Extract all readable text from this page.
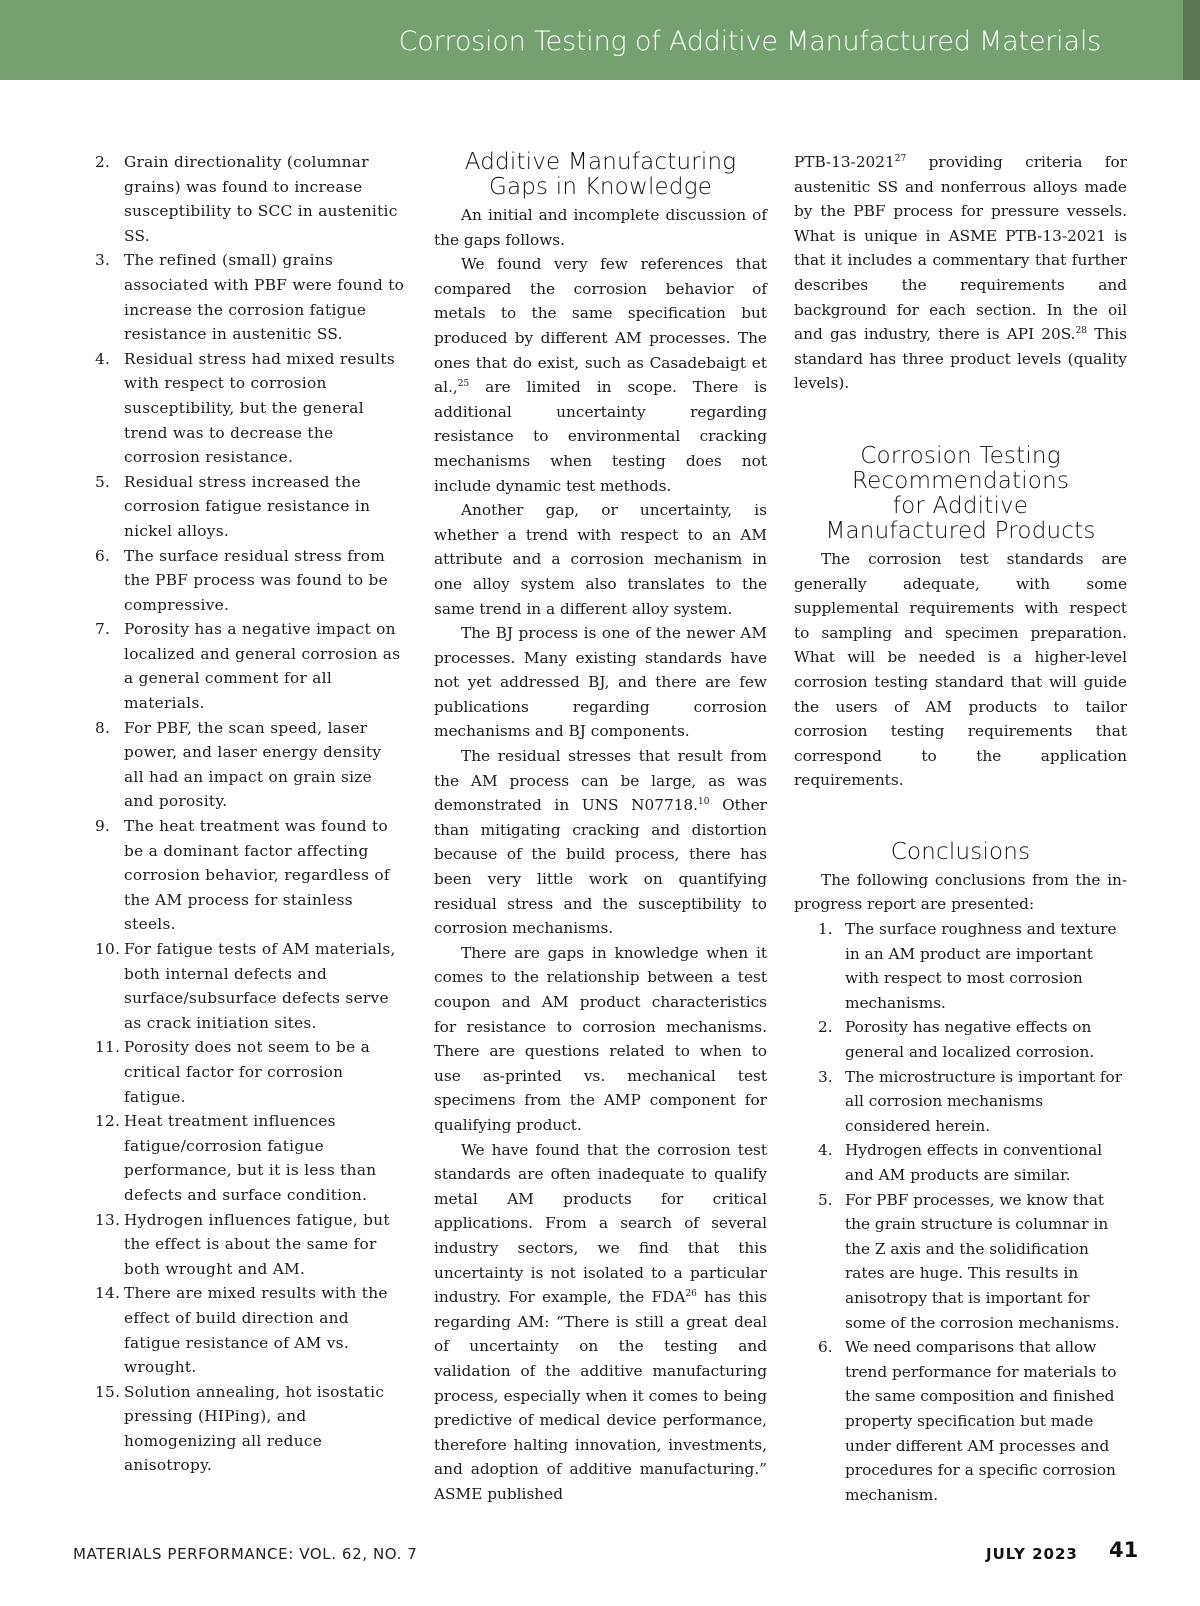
Corrosion Testing of Additive Manufactured Materials
2. Grain directionality (columnar grains) was found to increase susceptibility to SCC in austenitic SS.
3. The refined (small) grains associated with PBF were found to increase the corrosion fatigue resistance in austenitic SS.
4. Residual stress had mixed results with respect to corrosion susceptibility, but the general trend was to decrease the corrosion resistance.
5. Residual stress increased the corrosion fatigue resistance in nickel alloys.
6. The surface residual stress from the PBF process was found to be compressive.
7. Porosity has a negative impact on localized and general corrosion as a general comment for all materials.
8. For PBF, the scan speed, laser power, and laser energy density all had an impact on grain size and porosity.
9. The heat treatment was found to be a dominant factor affecting corrosion behavior, regardless of the AM process for stainless steels.
10. For fatigue tests of AM materials, both internal defects and surface/subsurface defects serve as crack initiation sites.
11. Porosity does not seem to be a critical factor for corrosion fatigue.
12. Heat treatment influences fatigue/corrosion fatigue performance, but it is less than defects and surface condition.
13. Hydrogen influences fatigue, but the effect is about the same for both wrought and AM.
14. There are mixed results with the effect of build direction and fatigue resistance of AM vs. wrought.
15. Solution annealing, hot isostatic pressing (HIPing), and homogenizing all reduce anisotropy.
Additive Manufacturing
Gaps in Knowledge

An initial and incomplete discussion of the gaps follows.

We found very few references that compared the corrosion behavior of metals to the same specification but produced by different AM processes. The ones that do exist, such as Casadebaigt et al.,$^{25}$ are limited in scope. There is additional uncertainty regarding resistance to environmental cracking mechanisms when testing does not include dynamic test methods.

Another gap, or uncertainty, is whether a trend with respect to an AM attribute and a corrosion mechanism in one alloy system also translates to the same trend in a different alloy system.

The BJ process is one of the newer AM processes. Many existing standards have not yet addressed BJ, and there are few publications regarding corrosion mechanisms and BJ components.

The residual stresses that result from the AM process can be large, as was demonstrated in UNS N07718.10 Other than mitigating cracking and distortion because of the build process, there has been very little work on quantifying residual stress and the susceptibility to corrosion mechanisms.

There are gaps in knowledge when it comes to the relationship between a test coupon and AM product characteristics for resistance to corrosion mechanisms. There are questions related to when to use as-printed vs. mechanical test specimens from the AMP component for qualifying product.

We have found that the corrosion test standards are often inadequate to qualify metal AM products for critical applications. From a search of several industry sectors, we find that this uncertainty is not isolated to a particular industry. For example, the FDA$^{26}$ has this regarding AM: “There is still a great deal of uncertainty on the testing and validation of the additive manufacturing process, especially when it comes to being predictive of medical device performance, therefore halting innovation, investments, and adoption of additive manufacturing.” ASME published

PTB-13-2021$^{27}$ providing criteria for austenitic SS and nonferrous alloys made by the PBF process for pressure vessels. What is unique in ASME PTB-13-2021 is that it includes a commentary that further describes the requirements and background for each section. In the oil and gas industry, there is API 20S.$^{28}$ This standard has three product levels (quality levels).

Corrosion Testing
Recommendations
for Additive
Manufactured Products

The corrosion test standards are generally adequate, with some supplemental requirements with respect to sampling and specimen preparation. What will be needed is a higher-level corrosion testing standard that will guide the users of AM products to tailor corrosion testing requirements that correspond to the application requirements.

Conclusions

The following conclusions from the in-progress report are presented:

1. The surface roughness and texture in an AM product are important with respect to most corrosion mechanisms.
2. Porosity has negative effects on general and localized corrosion.
3. The microstructure is important for all corrosion mechanisms considered herein.
4. Hydrogen effects in conventional and AM products are similar.
5. For PBF processes, we know that the grain structure is columnar in the Z axis and the solidification rates are huge. This results in anisotropy that is important for some of the corrosion mechanisms.
6. We need comparisons that allow trend performance for materials to the same composition and finished property specification but made under different AM processes and procedures for a specific corrosion mechanism.
MATERIALS PERFORMANCE: VOL. 62, NO. 7	JULY 2023 41
